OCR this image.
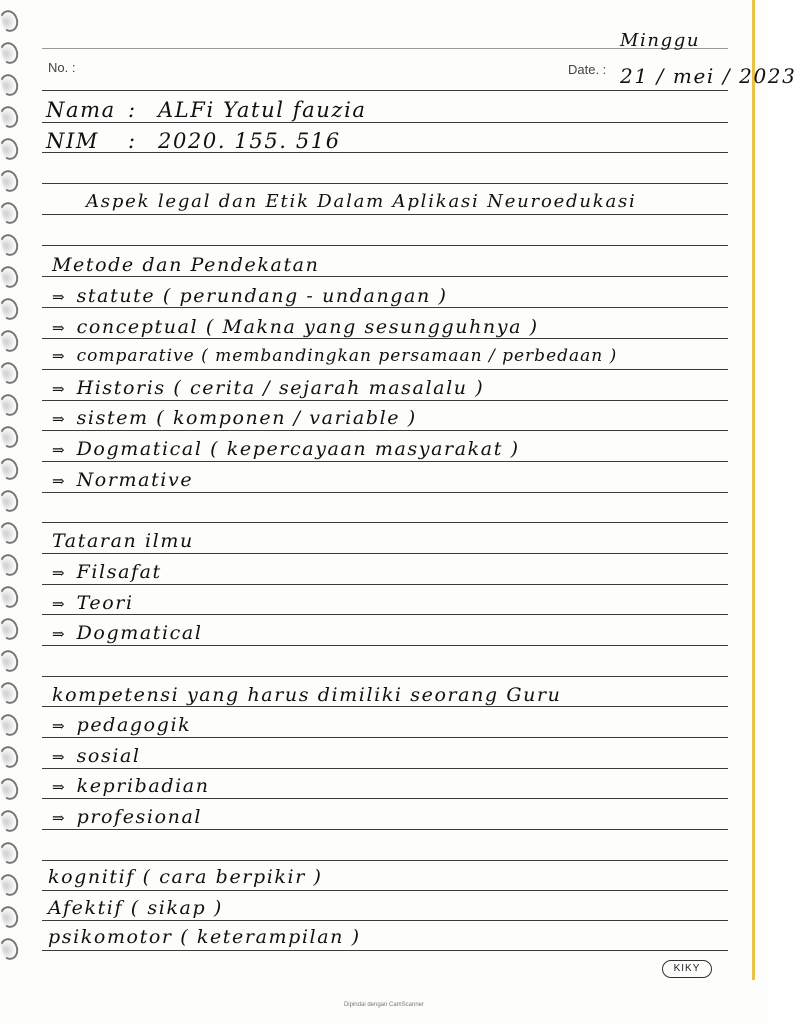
Minggu
No. :	Date. : 21 / mei / 2023
Nama : ALFi Yatul fauzia
NIM : 2020. 155. 516
Aspek legal dan Etik Dalam Aplikasi Neuroedukasi
Metode dan Pendekatan
⇒ statute ( perundang - undangan )
⇒ conceptual ( Makna yang sesungguhnya )
⇒ comparative ( membandingkan persamaan / perbedaan )
⇒ Historis ( cerita / sejarah masalalu )
⇒ sistem ( komponen / variable )
⇒ Dogmatical ( kepercayaan masyarakat )
⇒ Normative
Tataran ilmu
⇒ Filsafat
⇒ Teori
⇒ Dogmatical
kompetensi yang harus dimiliki seorang Guru
⇒ pedagogik
⇒ sosial
⇒ kepribadian
⇒ profesional
kognitif ( cara berpikir )
Afektif ( sikap )
psikomotor ( keterampilan )
KIKY
Dipindai dengan CamScanner
